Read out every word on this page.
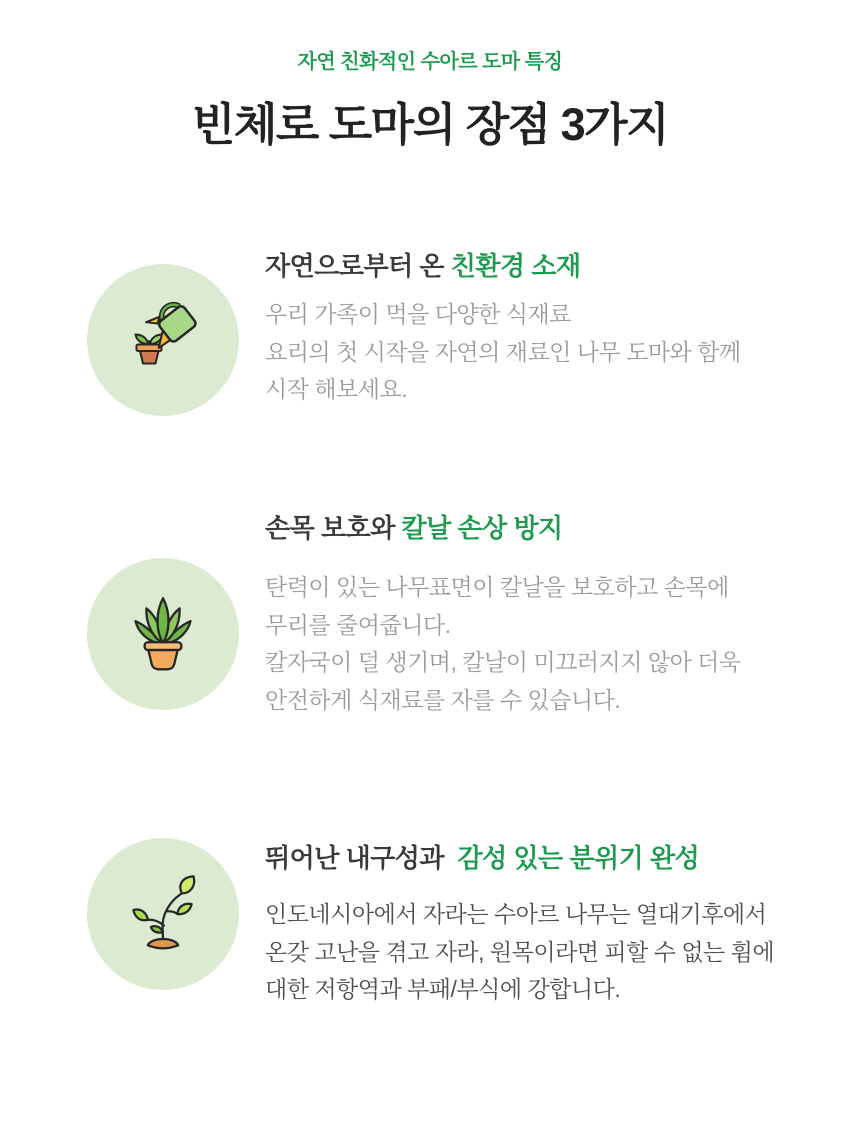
자연 친화적인 수아르 도마 특징
빈체로 도마의 장점 3가지
자연으로부터 온 친환경 소재
우리 가족이 먹을 다양한 식재료
요리의 첫 시작을 자연의 재료인 나무 도마와 함께
시작 해보세요.
손목 보호와 칼날 손상 방지
탄력이 있는 나무표면이 칼날을 보호하고 손목에
무리를 줄여줍니다.
칼자국이 덜 생기며, 칼날이 미끄러지지 않아 더욱
안전하게 식재료를 자를 수 있습니다.
뛰어난 내구성과  감성 있는 분위기 완성
인도네시아에서 자라는 수아르 나무는 열대기후에서
온갖 고난을 겪고 자라, 원목이라면 피할 수 없는 휨에
대한 저항역과 부패/부식에 강합니다.
